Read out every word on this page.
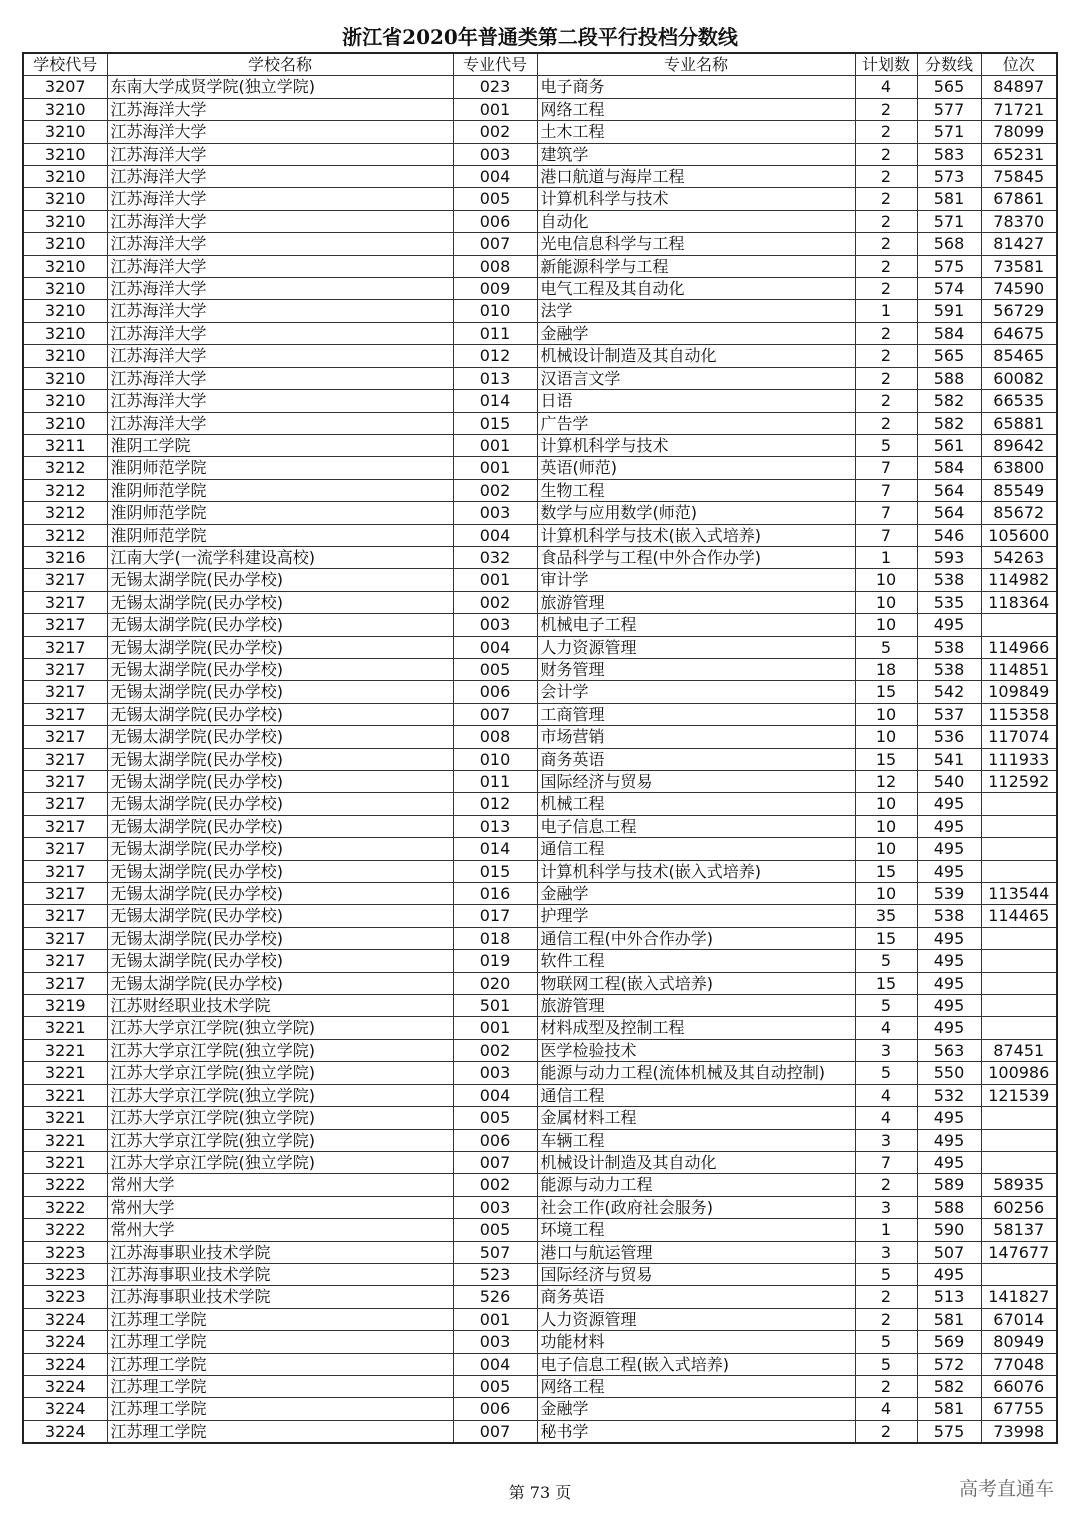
浙江省2020年普通类第二段平行投档分数线
学校代号	学校名称	专业代号	专业名称	计划数	分数线	位次
3207	东南大学成贤学院(独立学院)	023	电子商务	4	565	84897
3210	江苏海洋大学	001	网络工程	2	577	71721
3210	江苏海洋大学	002	土木工程	2	571	78099
3210	江苏海洋大学	003	建筑学	2	583	65231
3210	江苏海洋大学	004	港口航道与海岸工程	2	573	75845
3210	江苏海洋大学	005	计算机科学与技术	2	581	67861
3210	江苏海洋大学	006	自动化	2	571	78370
3210	江苏海洋大学	007	光电信息科学与工程	2	568	81427
3210	江苏海洋大学	008	新能源科学与工程	2	575	73581
3210	江苏海洋大学	009	电气工程及其自动化	2	574	74590
3210	江苏海洋大学	010	法学	1	591	56729
3210	江苏海洋大学	011	金融学	2	584	64675
3210	江苏海洋大学	012	机械设计制造及其自动化	2	565	85465
3210	江苏海洋大学	013	汉语言文学	2	588	60082
3210	江苏海洋大学	014	日语	2	582	66535
3210	江苏海洋大学	015	广告学	2	582	65881
3211	淮阴工学院	001	计算机科学与技术	5	561	89642
3212	淮阴师范学院	001	英语(师范)	7	584	63800
3212	淮阴师范学院	002	生物工程	7	564	85549
3212	淮阴师范学院	003	数学与应用数学(师范)	7	564	85672
3212	淮阴师范学院	004	计算机科学与技术(嵌入式培养)	7	546	105600
3216	江南大学(一流学科建设高校)	032	食品科学与工程(中外合作办学)	1	593	54263
3217	无锡太湖学院(民办学校)	001	审计学	10	538	114982
3217	无锡太湖学院(民办学校)	002	旅游管理	10	535	118364
3217	无锡太湖学院(民办学校)	003	机械电子工程	10	495	
3217	无锡太湖学院(民办学校)	004	人力资源管理	5	538	114966
3217	无锡太湖学院(民办学校)	005	财务管理	18	538	114851
3217	无锡太湖学院(民办学校)	006	会计学	15	542	109849
3217	无锡太湖学院(民办学校)	007	工商管理	10	537	115358
3217	无锡太湖学院(民办学校)	008	市场营销	10	536	117074
3217	无锡太湖学院(民办学校)	010	商务英语	15	541	111933
3217	无锡太湖学院(民办学校)	011	国际经济与贸易	12	540	112592
3217	无锡太湖学院(民办学校)	012	机械工程	10	495	
3217	无锡太湖学院(民办学校)	013	电子信息工程	10	495	
3217	无锡太湖学院(民办学校)	014	通信工程	10	495	
3217	无锡太湖学院(民办学校)	015	计算机科学与技术(嵌入式培养)	15	495	
3217	无锡太湖学院(民办学校)	016	金融学	10	539	113544
3217	无锡太湖学院(民办学校)	017	护理学	35	538	114465
3217	无锡太湖学院(民办学校)	018	通信工程(中外合作办学)	15	495	
3217	无锡太湖学院(民办学校)	019	软件工程	5	495	
3217	无锡太湖学院(民办学校)	020	物联网工程(嵌入式培养)	15	495	
3219	江苏财经职业技术学院	501	旅游管理	5	495	
3221	江苏大学京江学院(独立学院)	001	材料成型及控制工程	4	495	
3221	江苏大学京江学院(独立学院)	002	医学检验技术	3	563	87451
3221	江苏大学京江学院(独立学院)	003	能源与动力工程(流体机械及其自动控制)	5	550	100986
3221	江苏大学京江学院(独立学院)	004	通信工程	4	532	121539
3221	江苏大学京江学院(独立学院)	005	金属材料工程	4	495	
3221	江苏大学京江学院(独立学院)	006	车辆工程	3	495	
3221	江苏大学京江学院(独立学院)	007	机械设计制造及其自动化	7	495	
3222	常州大学	002	能源与动力工程	2	589	58935
3222	常州大学	003	社会工作(政府社会服务)	3	588	60256
3222	常州大学	005	环境工程	1	590	58137
3223	江苏海事职业技术学院	507	港口与航运管理	3	507	147677
3223	江苏海事职业技术学院	523	国际经济与贸易	5	495	
3223	江苏海事职业技术学院	526	商务英语	2	513	141827
3224	江苏理工学院	001	人力资源管理	2	581	67014
3224	江苏理工学院	003	功能材料	5	569	80949
3224	江苏理工学院	004	电子信息工程(嵌入式培养)	5	572	77048
3224	江苏理工学院	005	网络工程	2	582	66076
3224	江苏理工学院	006	金融学	4	581	67755
3224	江苏理工学院	007	秘书学	2	575	73998
第 73 页	高考直通车
